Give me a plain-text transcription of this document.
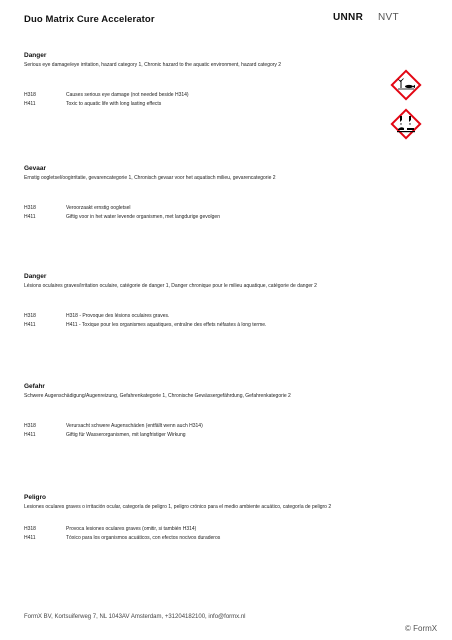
Duo Matrix Cure Accelerator	UNNR NVT
Danger

Serious eye damage/eye irritation, hazard category 1, Chronic hazard to the aquatic environment, hazard category 2

H318	Causes serious eye damage (not needed beside H314)
H411	Toxic to aquatic life with long lasting effects
Gevaar

Ernstig oogletsel/oogirritatie, gevarencategorie 1, Chronisch gevaar voor het aquatisch milieu, gevarencategorie 2

H318	Veroorzaakt ernstig oogletsel
H411	Giftig voor in het water levende organismen, met langdurige gevolgen
Danger

Lésions oculaires graves/irritation oculaire, catégorie de danger 1, Danger chronique pour le milieu aquatique, catégorie de danger 2

H318	H318 - Provoque des lésions oculaires graves.
H411	H411 - Toxique pour les organismes aquatiques, entraîne des effets néfastes à long terme.
Gefahr

Schwere Augenschädigung/Augenreizung, Gefahrenkategorie 1, Chronische Gewässergefährdung, Gefahrenkategorie 2

H318	Verursacht schwere Augenschäden (entfällt wenn auch H314)
H411	Giftig für Wasserorganismen, mit langfristiger Wirkung
Peligro

Lesiones oculares graves o irritación ocular, categoría de peligro 1, peligro crónico para el medio ambiente acuático, categoría de peligro 2

H318	Provoca lesiones oculares graves (omitir, si también H314)
H411	Tóxico para los organismos acuáticos, con efectos nocivos duraderos
FormX BV, Kortsuiferweg 7, NL 1043AV Amsterdam, +31204182100, info@formx.nl
© FormX
